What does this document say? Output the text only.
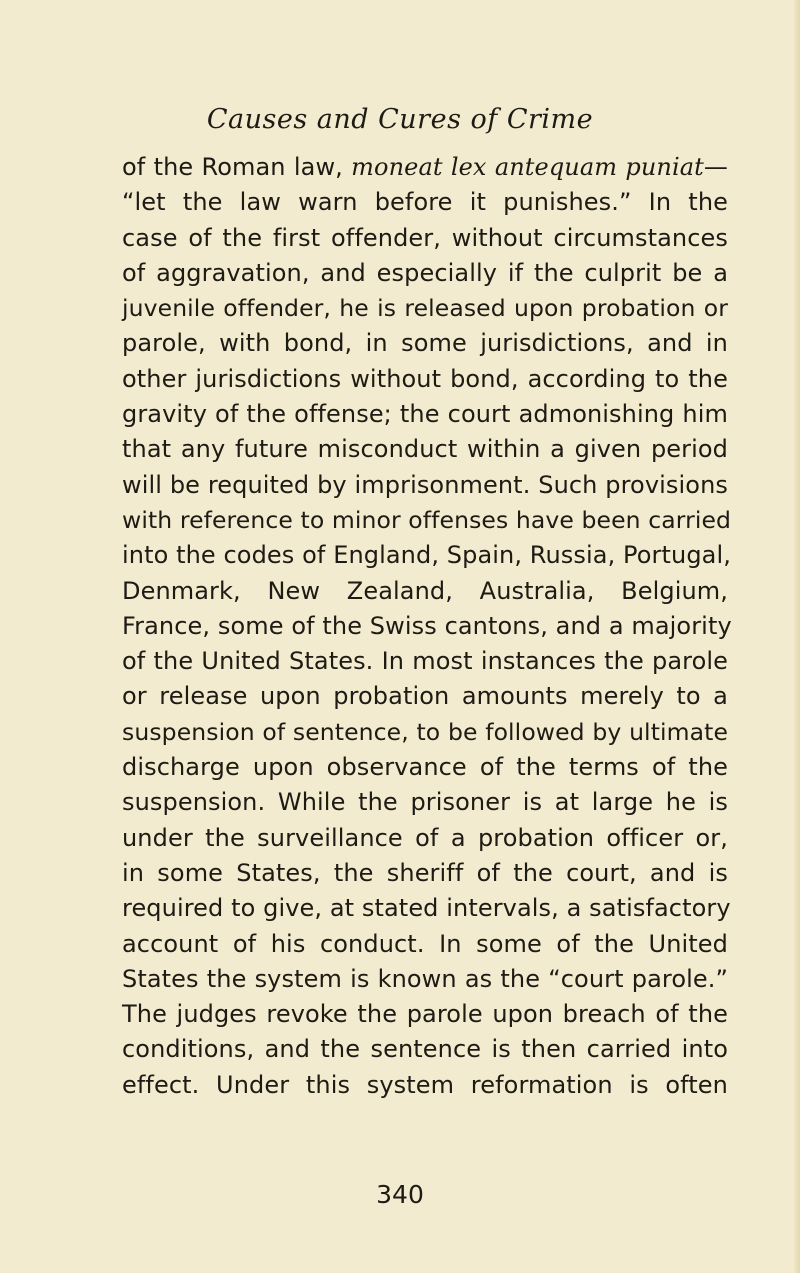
Causes and Cures of Crime
of the Roman law, moneat lex antequam puniat—
“let the law warn before it punishes.” In the
case of the first offender, without circumstances
of aggravation, and especially if the culprit be a
juvenile offender, he is released upon probation or
parole, with bond, in some jurisdictions, and in
other jurisdictions without bond, according to the
gravity of the offense; the court admonishing him
that any future misconduct within a given period
will be requited by imprisonment. Such provisions
with reference to minor offenses have been carried
into the codes of England, Spain, Russia, Portugal,
Denmark, New Zealand, Australia, Belgium,
France, some of the Swiss cantons, and a majority
of the United States. In most instances the parole
or release upon probation amounts merely to a
suspension of sentence, to be followed by ultimate
discharge upon observance of the terms of the
suspension. While the prisoner is at large he is
under the surveillance of a probation officer or,
in some States, the sheriff of the court, and is
required to give, at stated intervals, a satisfactory
account of his conduct. In some of the United
States the system is known as the “court parole.”
The judges revoke the parole upon breach of the
conditions, and the sentence is then carried into
effect. Under this system reformation is often
340
